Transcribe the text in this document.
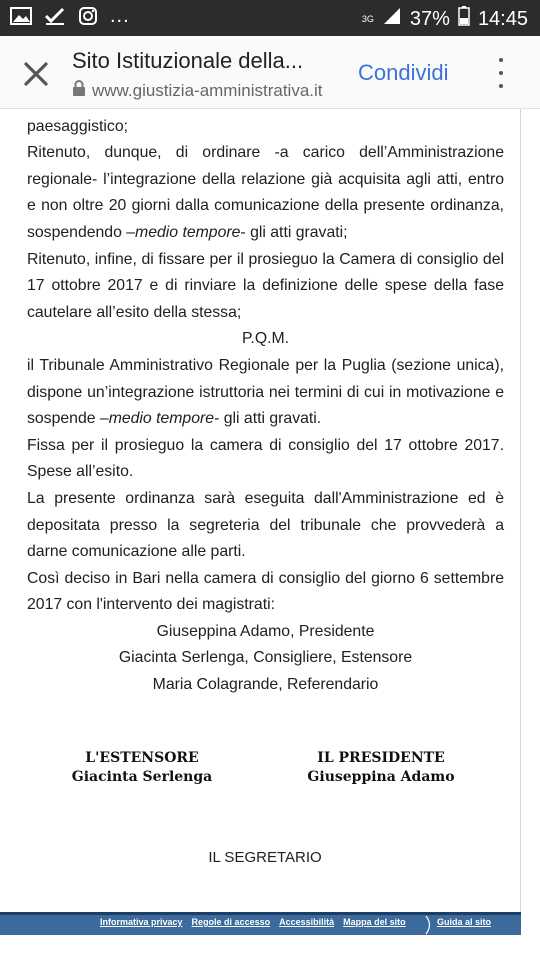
...	3G 37% 14:45
Sito Istituzionale della...
www.giustizia-amministrativa.it
Condividi

paesaggistico;

Ritenuto, dunque, di ordinare -a carico dell’Amministrazione regionale- l’integrazione della relazione già acquisita agli atti, entro e non oltre 20 giorni dalla comunicazione della presente ordinanza, sospendendo –medio tempore- gli atti gravati;

Ritenuto, infine, di fissare per il prosieguo la Camera di consiglio del 17 ottobre 2017 e di rinviare la definizione delle spese della fase cautelare all’esito della stessa;

P.Q.M.

il Tribunale Amministrativo Regionale per la Puglia (sezione unica), dispone un’integrazione istruttoria nei termini di cui in motivazione e sospende –medio tempore- gli atti gravati.

Fissa per il prosieguo la camera di consiglio del 17 ottobre 2017. Spese all’esito.

La presente ordinanza sarà eseguita dall'Amministrazione ed è depositata presso la segreteria del tribunale che provvederà a darne comunicazione alle parti.

Così deciso in Bari nella camera di consiglio del giorno 6 settembre 2017 con l'intervento dei magistrati:

Giuseppina Adamo, Presidente

Giacinta Serlenga, Consigliere, Estensore

Maria Colagrande, Referendario

L'ESTENSORE
Giacinta Serlenga
IL PRESIDENTE
Giuseppina Adamo
IL SEGRETARIO
Informativa privacy Regole di accesso Accessibilità Mappa del sito	Guida al sito
